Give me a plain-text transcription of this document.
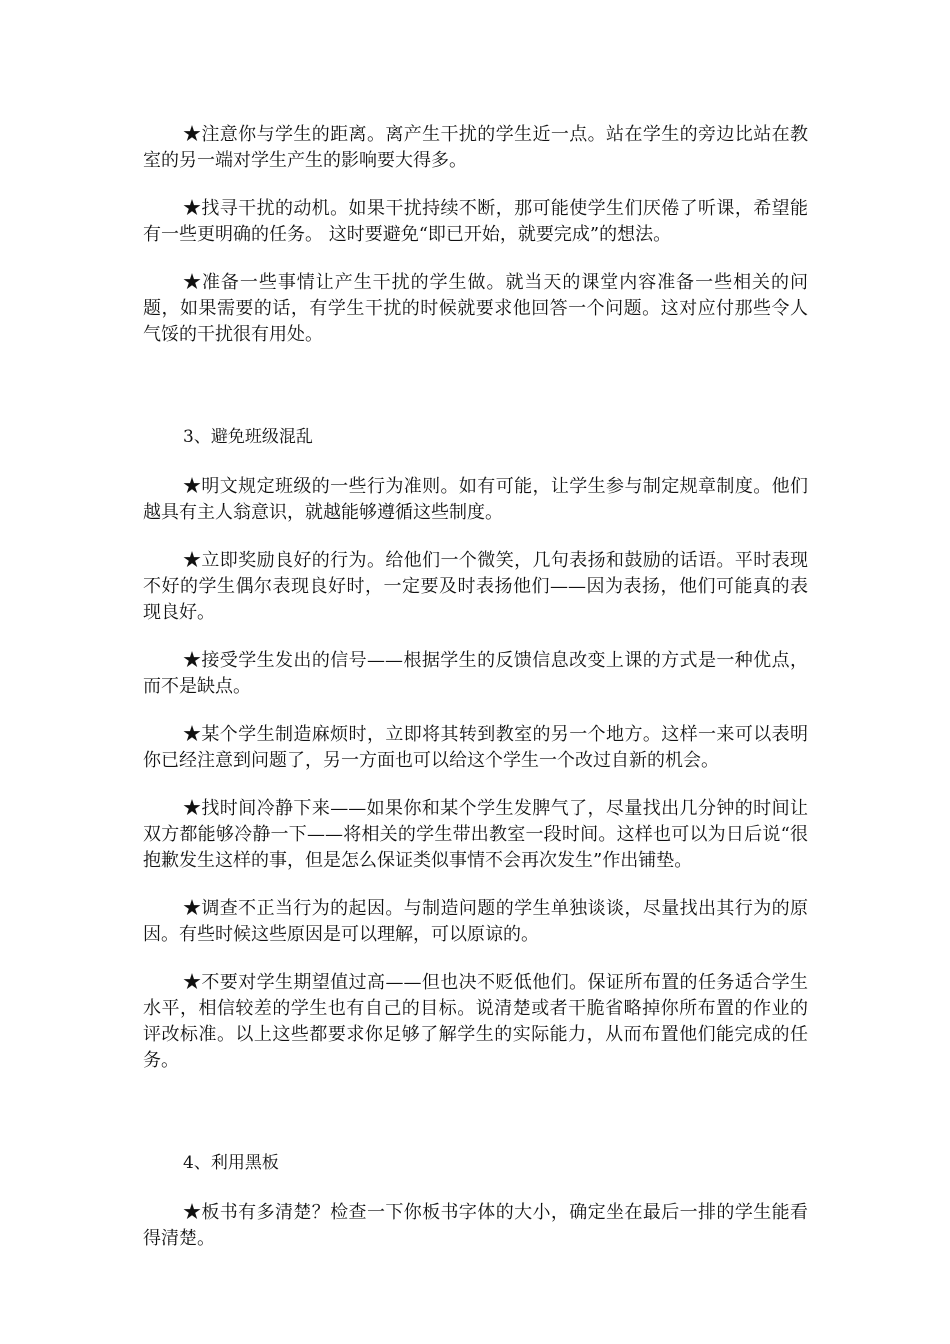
★注意你与学生的距离。离产生干扰的学生近一点。站在学生的旁边比站在教室的另一端对学生产生的影响要大得多。

★找寻干扰的动机。如果干扰持续不断，那可能使学生们厌倦了听课，希望能有一些更明确的任务。 这时要避免“即已开始，就要完成”的想法。

★准备一些事情让产生干扰的学生做。就当天的课堂内容准备一些相关的问题，如果需要的话，有学生干扰的时候就要求他回答一个问题。这对应付那些令人气馁的干扰很有用处。

3、避免班级混乱

★明文规定班级的一些行为准则。如有可能，让学生参与制定规章制度。他们越具有主人翁意识，就越能够遵循这些制度。

★立即奖励良好的行为。给他们一个微笑，几句表扬和鼓励的话语。平时表现不好的学生偶尔表现良好时，一定要及时表扬他们——因为表扬，他们可能真的表现良好。

★接受学生发出的信号——根据学生的反馈信息改变上课的方式是一种优点，而不是缺点。

★某个学生制造麻烦时，立即将其转到教室的另一个地方。这样一来可以表明你已经注意到问题了，另一方面也可以给这个学生一个改过自新的机会。

★找时间冷静下来——如果你和某个学生发脾气了，尽量找出几分钟的时间让双方都能够冷静一下——将相关的学生带出教室一段时间。这样也可以为日后说“很抱歉发生这样的事，但是怎么保证类似事情不会再次发生”作出铺垫。

★调查不正当行为的起因。与制造问题的学生单独谈谈，尽量找出其行为的原因。有些时候这些原因是可以理解，可以原谅的。

★不要对学生期望值过高——但也决不贬低他们。保证所布置的任务适合学生水平，相信较差的学生也有自己的目标。说清楚或者干脆省略掉你所布置的作业的评改标准。以上这些都要求你足够了解学生的实际能力，从而布置他们能完成的任务。

4、利用黑板

★板书有多清楚？检查一下你板书字体的大小，确定坐在最后一排的学生能看得清楚。
